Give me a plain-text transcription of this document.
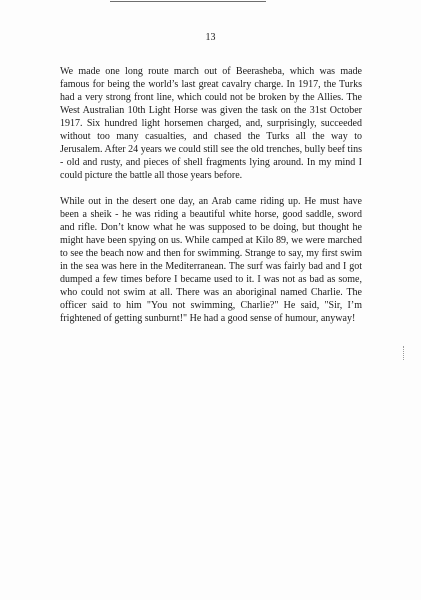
13

We made one long route march out of Beerasheba, which was made famous for being the world’s last great cavalry charge. In 1917, the Turks had a very strong front line, which could not be broken by the Allies. The West Australian 10th Light Horse was given the task on the 31st October 1917. Six hundred light horsemen charged, and, surprisingly, succeeded without too many casualties, and chased the Turks all the way to Jerusalem. After 24 years we could still see the old trenches, bully beef tins - old and rusty, and pieces of shell fragments lying around. In my mind I could picture the battle all those years before.

While out in the desert one day, an Arab came riding up. He must have been a sheik - he was riding a beautiful white horse, good saddle, sword and rifle. Don’t know what he was supposed to be doing, but thought he might have been spying on us. While camped at Kilo 89, we were marched to see the beach now and then for swimming. Strange to say, my first swim in the sea was here in the Mediterranean. The surf was fairly bad and I got dumped a few times before I became used to it. I was not as bad as some, who could not swim at all. There was an aboriginal named Charlie. The officer said to him "You not swimming, Charlie?" He said, "Sir, I’m frightened of getting sunburnt!" He had a good sense of humour, anyway!
